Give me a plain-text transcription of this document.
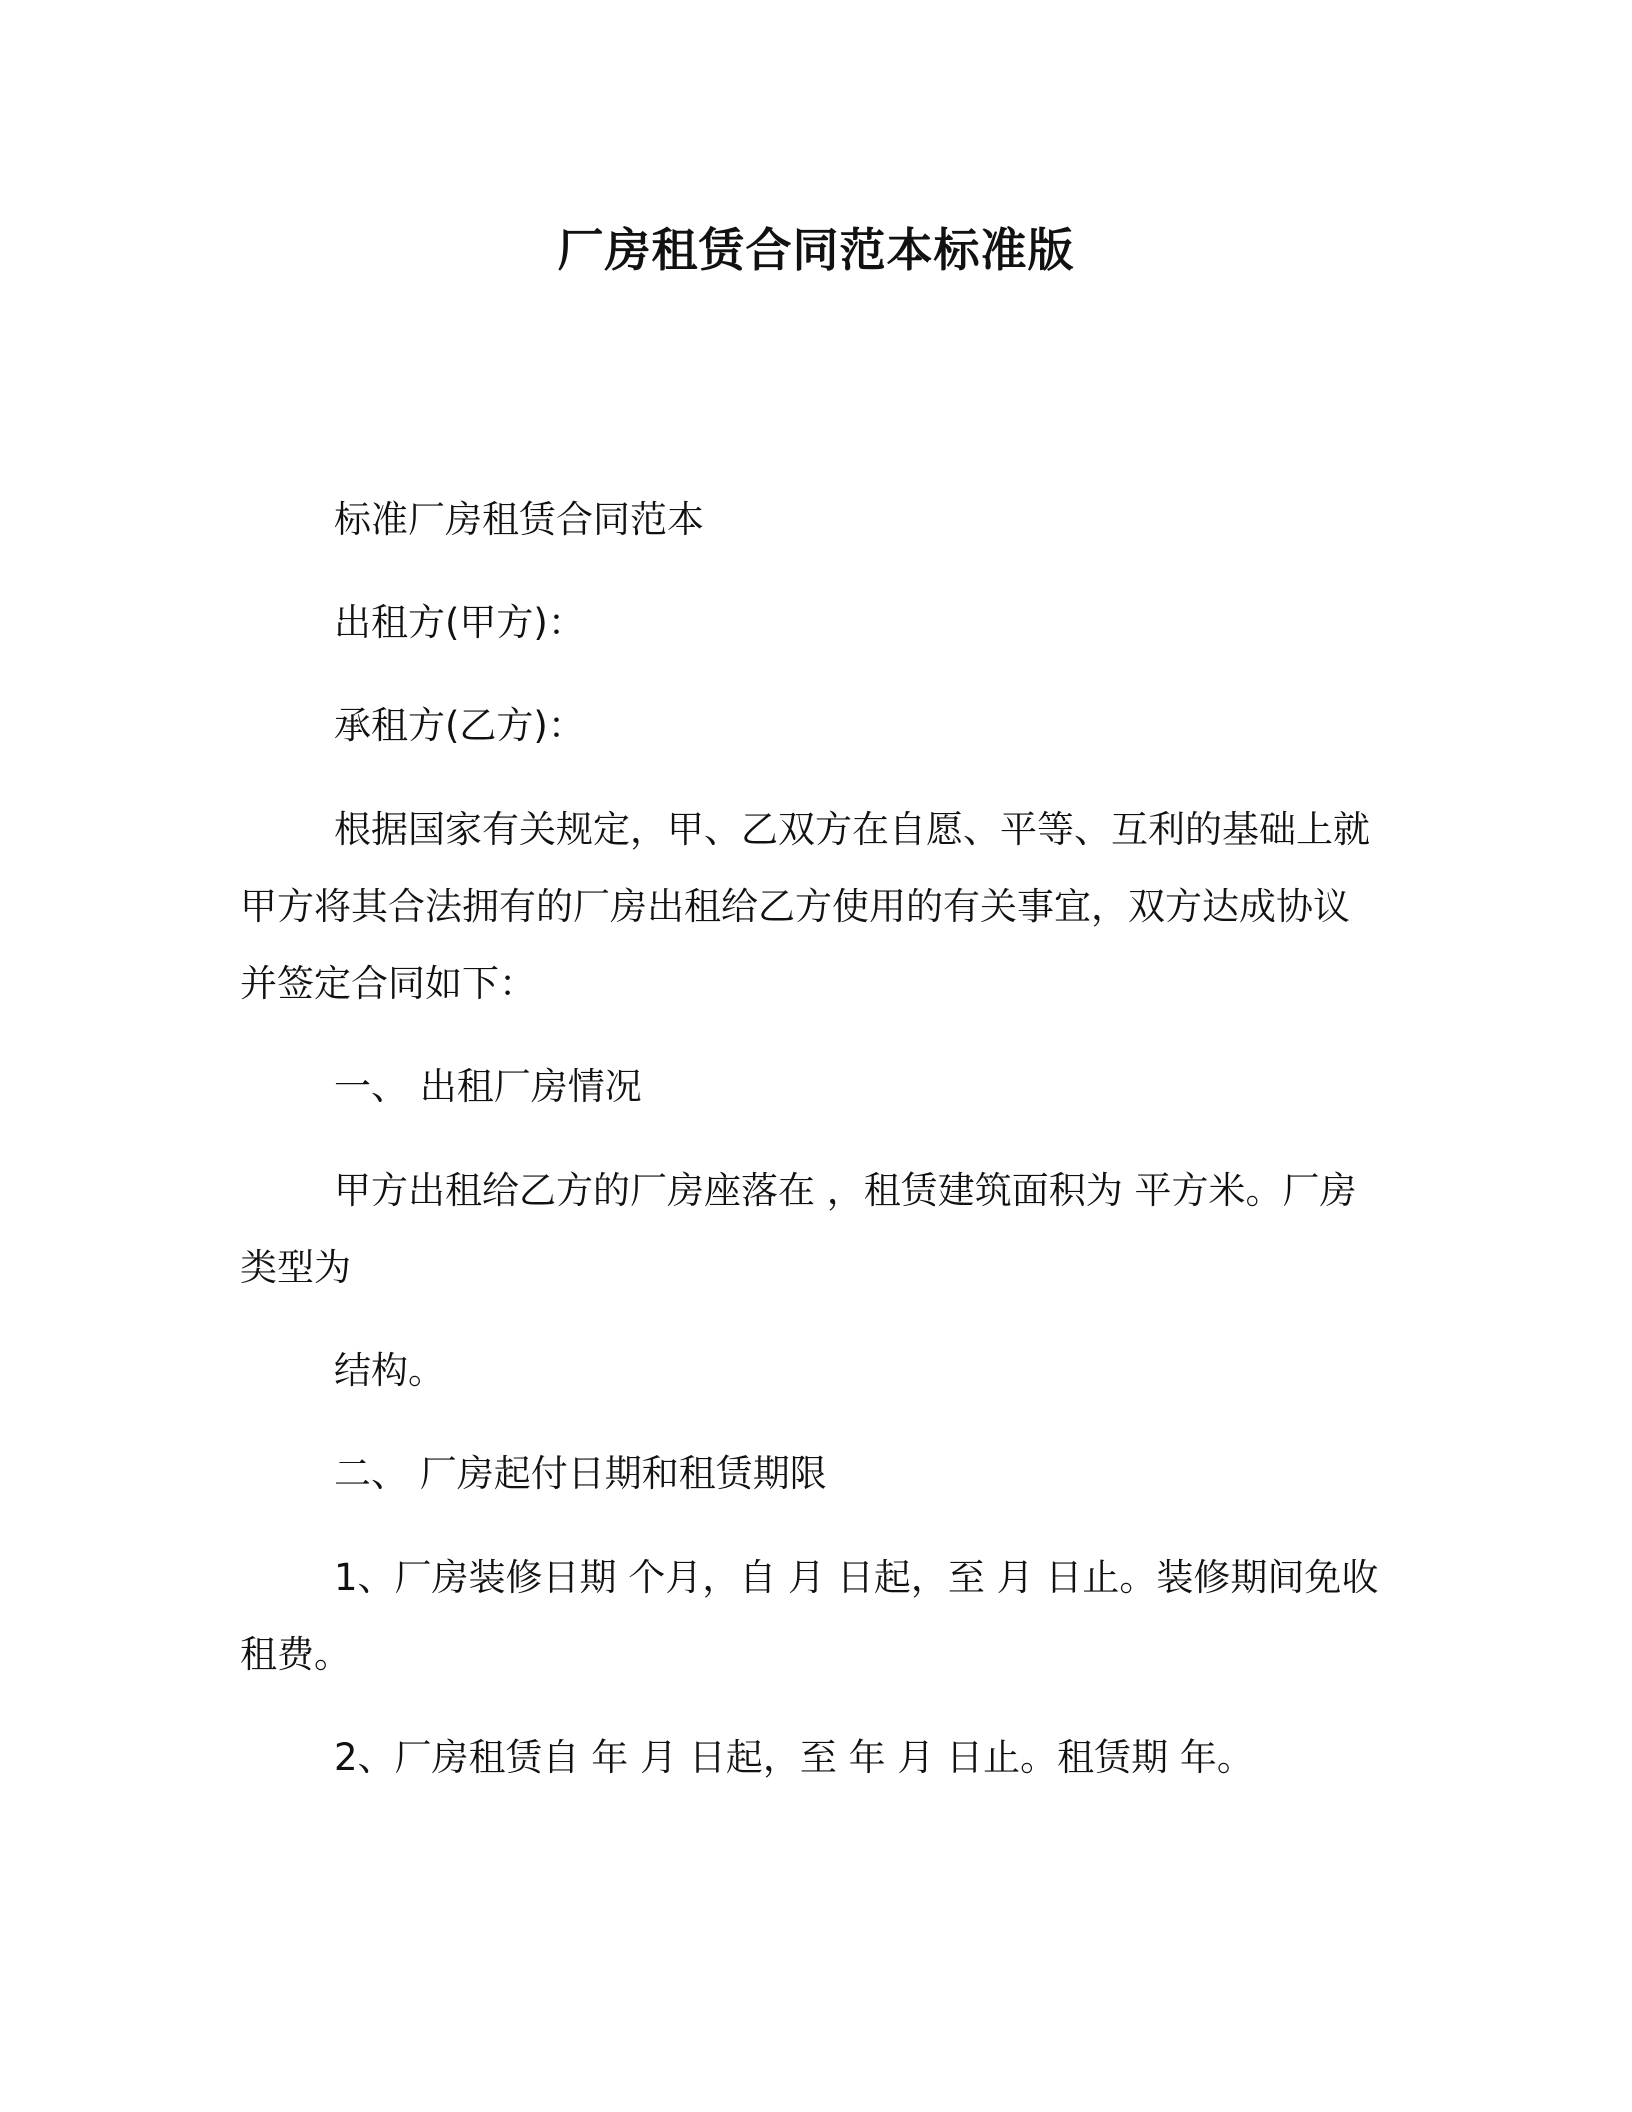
厂房租赁合同范本标准版
标准厂房租赁合同范本
出租方(甲方)：
承租方(乙方)：
根据国家有关规定，甲、乙双方在自愿、平等、互利的基础上就
甲方将其合法拥有的厂房出租给乙方使用的有关事宜，双方达成协议
并签定合同如下：
一、 出租厂房情况
甲方出租给乙方的厂房座落在 ，租赁建筑面积为 平方米。厂房
类型为
结构。
二、 厂房起付日期和租赁期限
1、厂房装修日期 个月，自 月 日起，至 月 日止。装修期间免收
租费。
2、厂房租赁自 年 月 日起，至 年 月 日止。租赁期 年。
